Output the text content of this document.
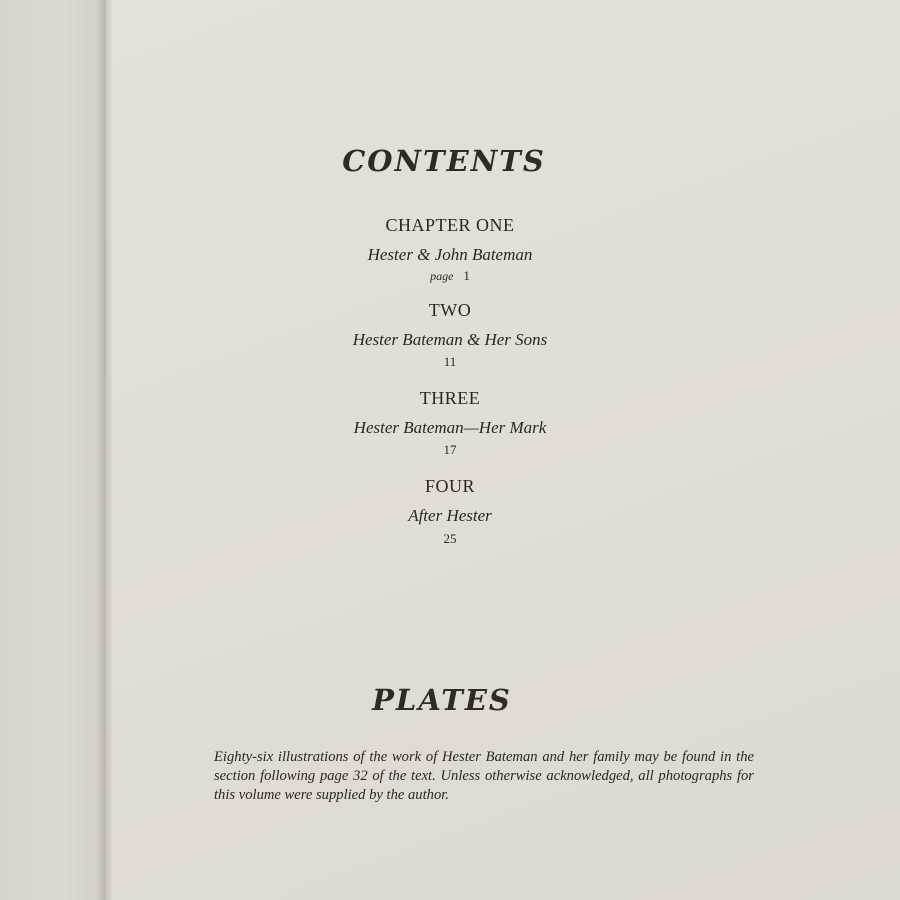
CONTENTS
CHAPTER ONE
Hester & John Bateman
page 1
TWO
Hester Bateman & Her Sons
11
THREE
Hester Bateman—Her Mark
17
FOUR
After Hester
25
PLATES

Eighty-six illustrations of the work of Hester Bateman and her family may be found in the section following page 32 of the text. Unless otherwise acknowledged, all photographs for this volume were supplied by the author.
